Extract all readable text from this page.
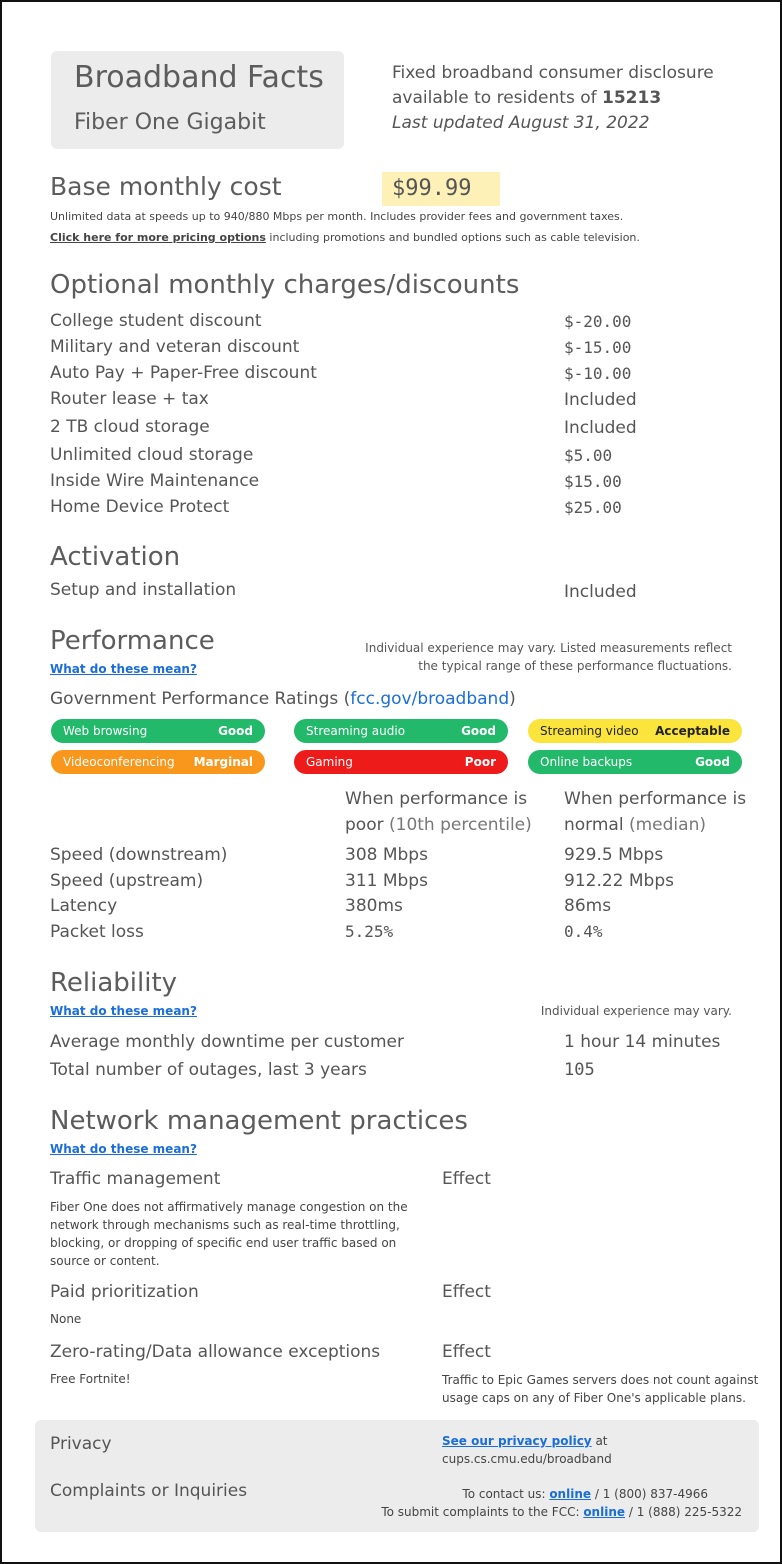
Broadband Facts
Fiber One Gigabit
Fixed broadband consumer disclosure
available to residents of 15213
Last updated August 31, 2022
Base monthly cost	$99.99
Unlimited data at speeds up to 940/880 Mbps per month. Includes provider fees and government taxes.
Click here for more pricing options including promotions and bundled options such as cable television.
Optional monthly charges/discounts
College student discount	$-20.00
Military and veteran discount	$-15.00
Auto Pay + Paper-Free discount	$-10.00
Router lease + tax	Included
2 TB cloud storage	Included
Unlimited cloud storage	$5.00
Inside Wire Maintenance	$15.00
Home Device Protect	$25.00
Activation
Setup and installation	Included
Performance
What do these mean?
Individual experience may vary. Listed measurements reflect
the typical range of these performance fluctuations.
Government Performance Ratings (fcc.gov/broadband)
Web browsing	Good	Streaming audio	Good	Streaming video Acceptable
Videoconferencing Marginal	Gaming	Poor	Online backups	Good
When performance is
poor (10th percentile)
When performance is
normal (median)
Speed (downstream)	308 Mbps	929.5 Mbps
Speed (upstream)	311 Mbps	912.22 Mbps
Latency	380ms	86ms
Packet loss	5.25%	0.4%
Reliability
What do these mean?	Individual experience may vary.
Average monthly downtime per customer	1 hour 14 minutes
Total number of outages, last 3 years	105
Network management practices
What do these mean?
Traffic management	Effect
Fiber One does not affirmatively manage congestion on the network through mechanisms such as real-time throttling, blocking, or dropping of specific end user traffic based on source or content.
Paid prioritization	Effect
None
Zero-rating/Data allowance exceptions	Effect
Free Fortnite!	Traffic to Epic Games servers does not count against usage caps on any of Fiber One's applicable plans.
Privacy	See our privacy policy at
cups.cs.cmu.edu/broadband
Complaints or Inquiries	To contact us: online / 1 (800) 837-4966
To submit complaints to the FCC: online / 1 (888) 225-5322
